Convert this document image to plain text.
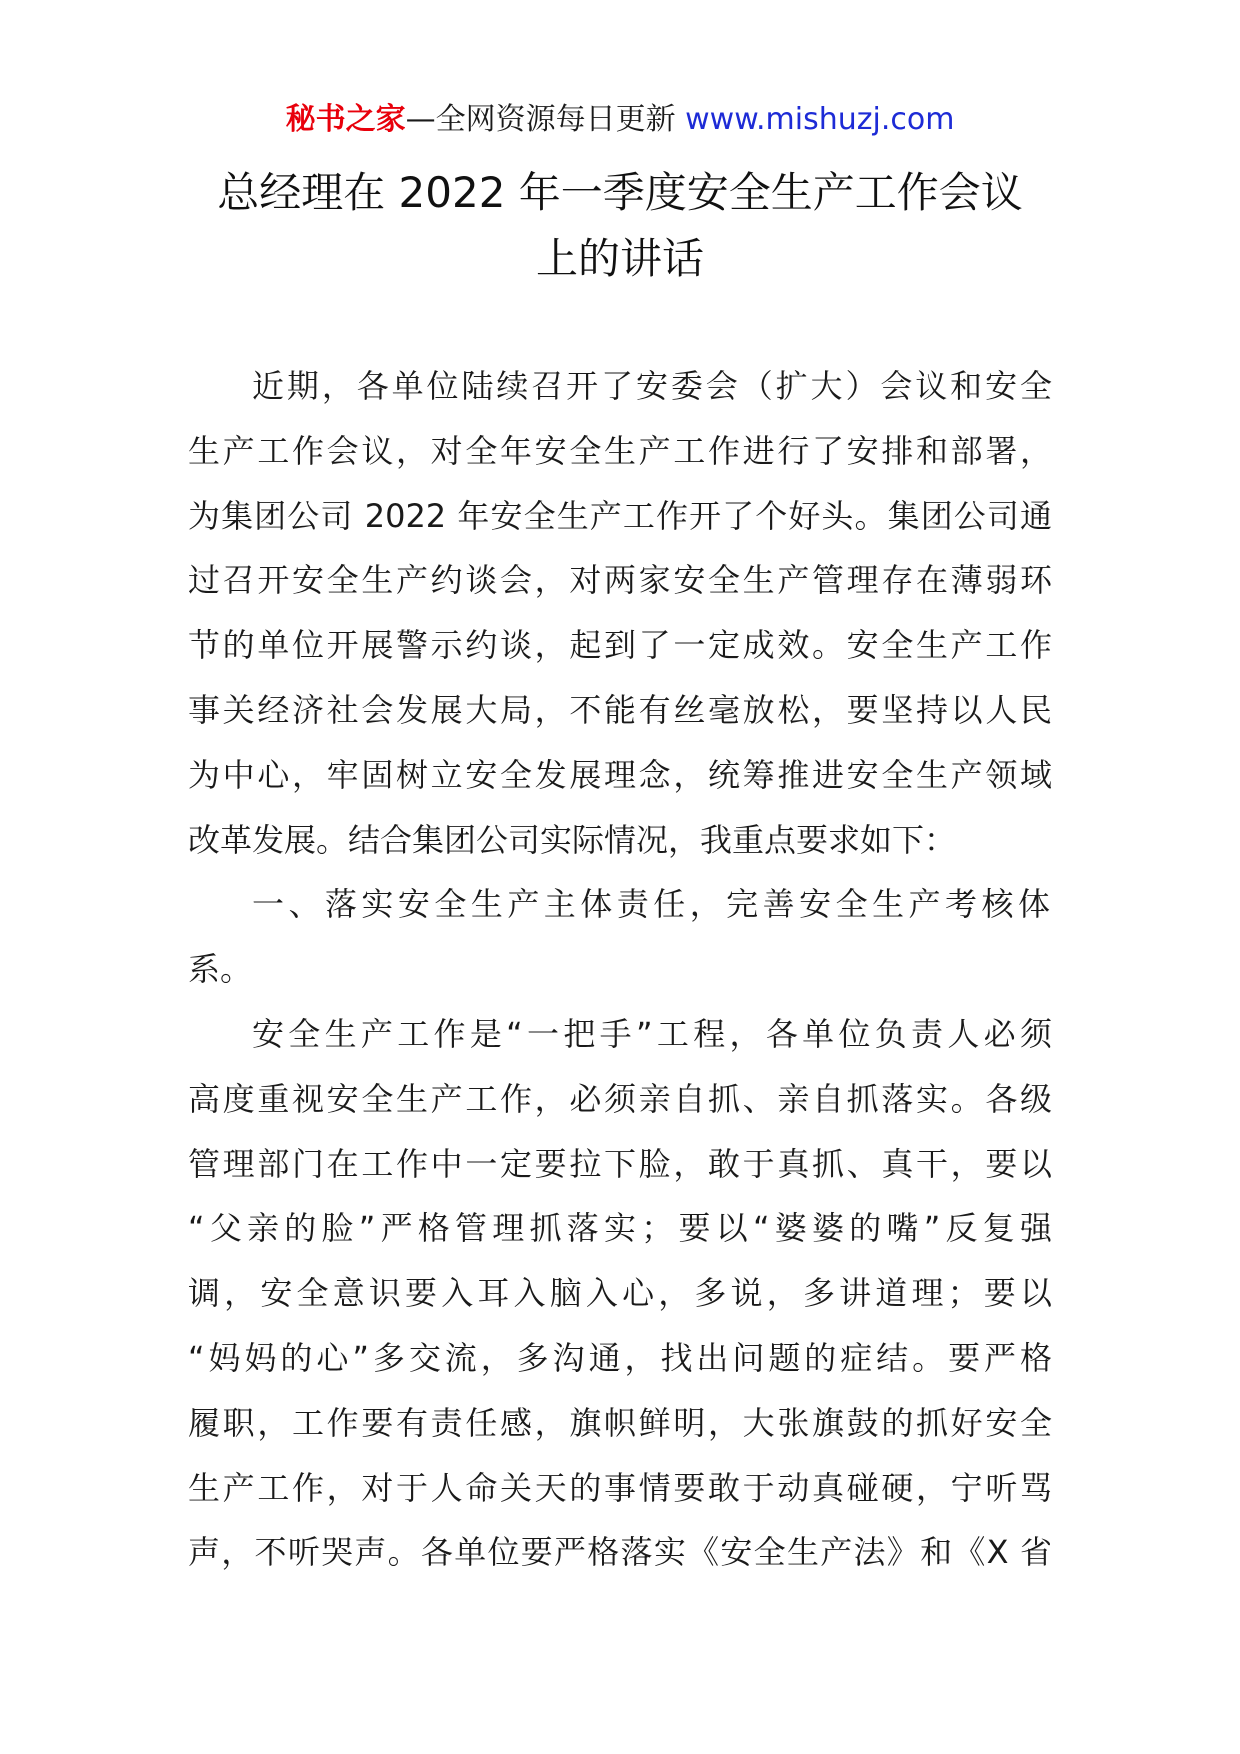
秘书之家—全网资源每日更新 www.mishuzj.com
总经理在 2022 年一季度安全生产工作会议
上的讲话
近期，各单位陆续召开了安委会（扩大）会议和安全
生产工作会议，对全年安全生产工作进行了安排和部署，
为集团公司 2022 年安全生产工作开了个好头。集团公司通
过召开安全生产约谈会，对两家安全生产管理存在薄弱环
节的单位开展警示约谈，起到了一定成效。安全生产工作
事关经济社会发展大局，不能有丝毫放松，要坚持以人民
为中心，牢固树立安全发展理念，统筹推进安全生产领域
改革发展。结合集团公司实际情况，我重点要求如下：
一、落实安全生产主体责任，完善安全生产考核体
系。
安全生产工作是“一把手”工程，各单位负责人必须
高度重视安全生产工作，必须亲自抓、亲自抓落实。各级
管理部门在工作中一定要拉下脸，敢于真抓、真干，要以
“父亲的脸”严格管理抓落实；要以“婆婆的嘴”反复强
调，安全意识要入耳入脑入心，多说，多讲道理；要以
“妈妈的心”多交流，多沟通，找出问题的症结。要严格
履职，工作要有责任感，旗帜鲜明，大张旗鼓的抓好安全
生产工作，对于人命关天的事情要敢于动真碰硬，宁听骂
声，不听哭声。各单位要严格落实《安全生产法》和《X 省
